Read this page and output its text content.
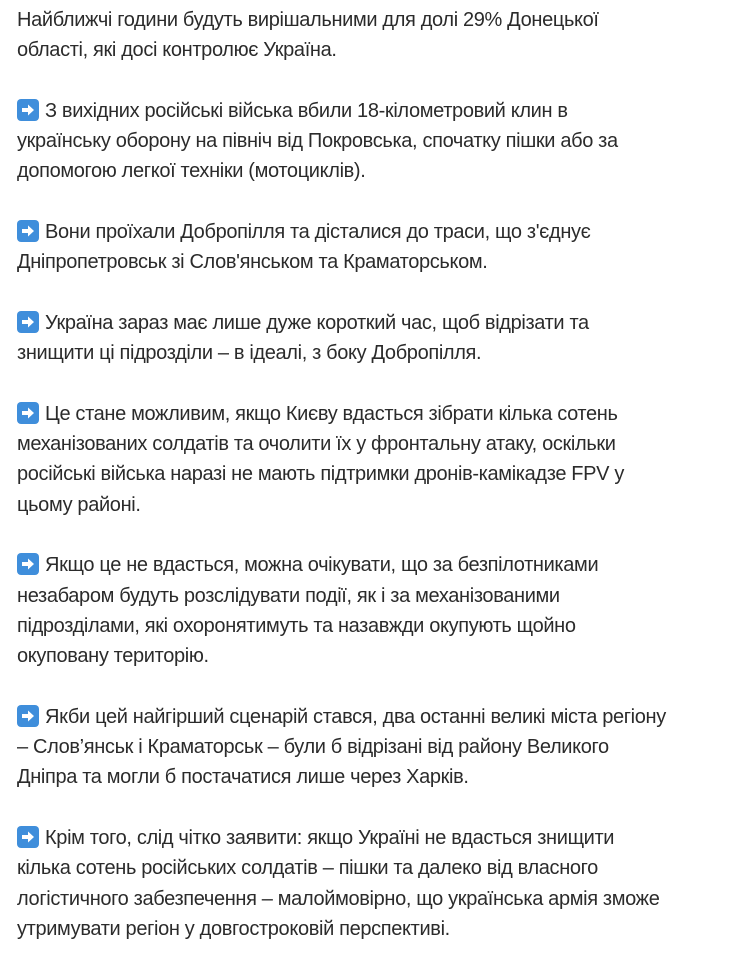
Найближчі години будуть вирішальними для долі 29% Донецької
області, які досі контролює Україна.
З вихідних російські війська вбили 18-кілометровий клин в
українську оборону на північ від Покровська, спочатку пішки або за
допомогою легкої техніки (мотоциклів).
Вони проїхали Добропілля та дісталися до траси, що з'єднує
Дніпропетровськ зі Слов'янськом та Краматорськом.
Україна зараз має лише дуже короткий час, щоб відрізати та
знищити ці підрозділи – в ідеалі, з боку Добропілля.
Це стане можливим, якщо Києву вдасться зібрати кілька сотень
механізованих солдатів та очолити їх у фронтальну атаку, оскільки
російські війська наразі не мають підтримки дронів-камікадзе FPV у
цьому районі.
Якщо це не вдасться, можна очікувати, що за безпілотниками
незабаром будуть розслідувати події, як і за механізованими
підрозділами, які охоронятимуть та назавжди окупують щойно
окуповану територію.
Якби цей найгірший сценарій стався, два останні великі міста регіону
– Слов’янськ і Краматорськ – були б відрізані від району Великого
Дніпра та могли б постачатися лише через Харків.
Крім того, слід чітко заявити: якщо Україні не вдасться знищити
кілька сотень російських солдатів – пішки та далеко від власного
логістичного забезпечення – малоймовірно, що українська армія зможе
утримувати регіон у довгостроковій перспективі.
